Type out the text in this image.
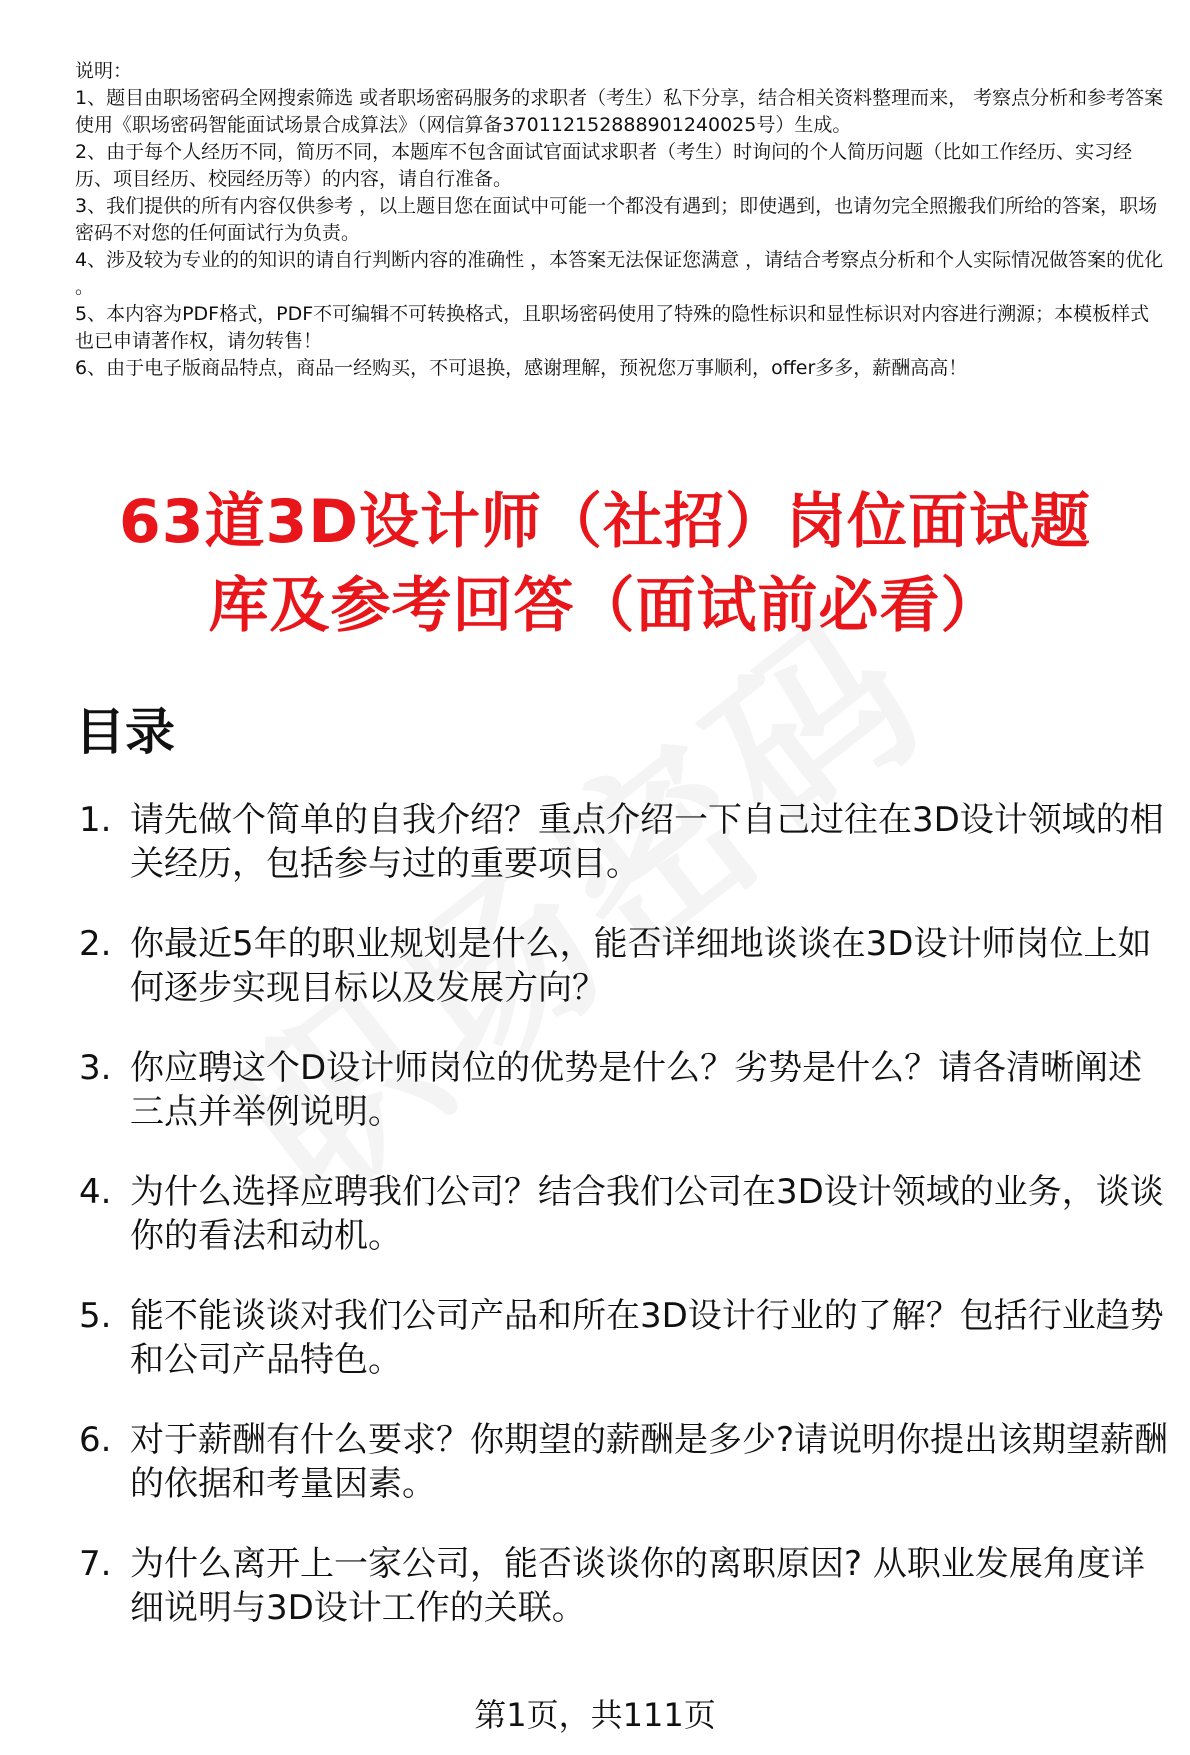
说明：
1、题目由职场密码全网搜索筛选 或者职场密码服务的求职者（考生）私下分享，结合相关资料整理而来， 考察点分析和参考答案使用《职场密码智能面试场景合成算法》（网信算备370112152888901240025号）生成。
2、由于每个人经历不同，简历不同，本题库不包含面试官面试求职者（考生）时询问的个人简历问题（比如工作经历、实习经历、项目经历、校园经历等）的内容，请自行准备。
3、我们提供的所有内容仅供参考 ，以上题目您在面试中可能一个都没有遇到；即使遇到，也请勿完全照搬我们所给的答案，职场密码不对您的任何面试行为负责。
4、涉及较为专业的的知识的请自行判断内容的准确性 ，本答案无法保证您满意 ，请结合考察点分析和个人实际情况做答案的优化 。
5、本内容为PDF格式，PDF不可编辑不可转换格式，且职场密码使用了特殊的隐性标识和显性标识对内容进行溯源；本模板样式也已申请著作权，请勿转售！
6、由于电子版商品特点，商品一经购买，不可退换，感谢理解，预祝您万事顺利，offer多多，薪酬高高！
63道3D设计师（社招）岗位面试题
库及参考回答（面试前必看）
目录
1. 请先做个简单的自我介绍？重点介绍一下自己过往在3D设计领域的相关经历，包括参与过的重要项目。
2. 你最近5年的职业规划是什么，能否详细地谈谈在3D设计师岗位上如何逐步实现目标以及发展方向？
3. 你应聘这个D设计师岗位的优势是什么？劣势是什么？请各清晰阐述三点并举例说明。
4. 为什么选择应聘我们公司？结合我们公司在3D设计领域的业务，谈谈你的看法和动机。
5. 能不能谈谈对我们公司产品和所在3D设计行业的了解？包括行业趋势和公司产品特色。
6. 对于薪酬有什么要求？你期望的薪酬是多少?请说明你提出该期望薪酬的依据和考量因素。
7. 为什么离开上一家公司，能否谈谈你的离职原因? 从职业发展角度详细说明与3D设计工作的关联。
第1页，共111页
